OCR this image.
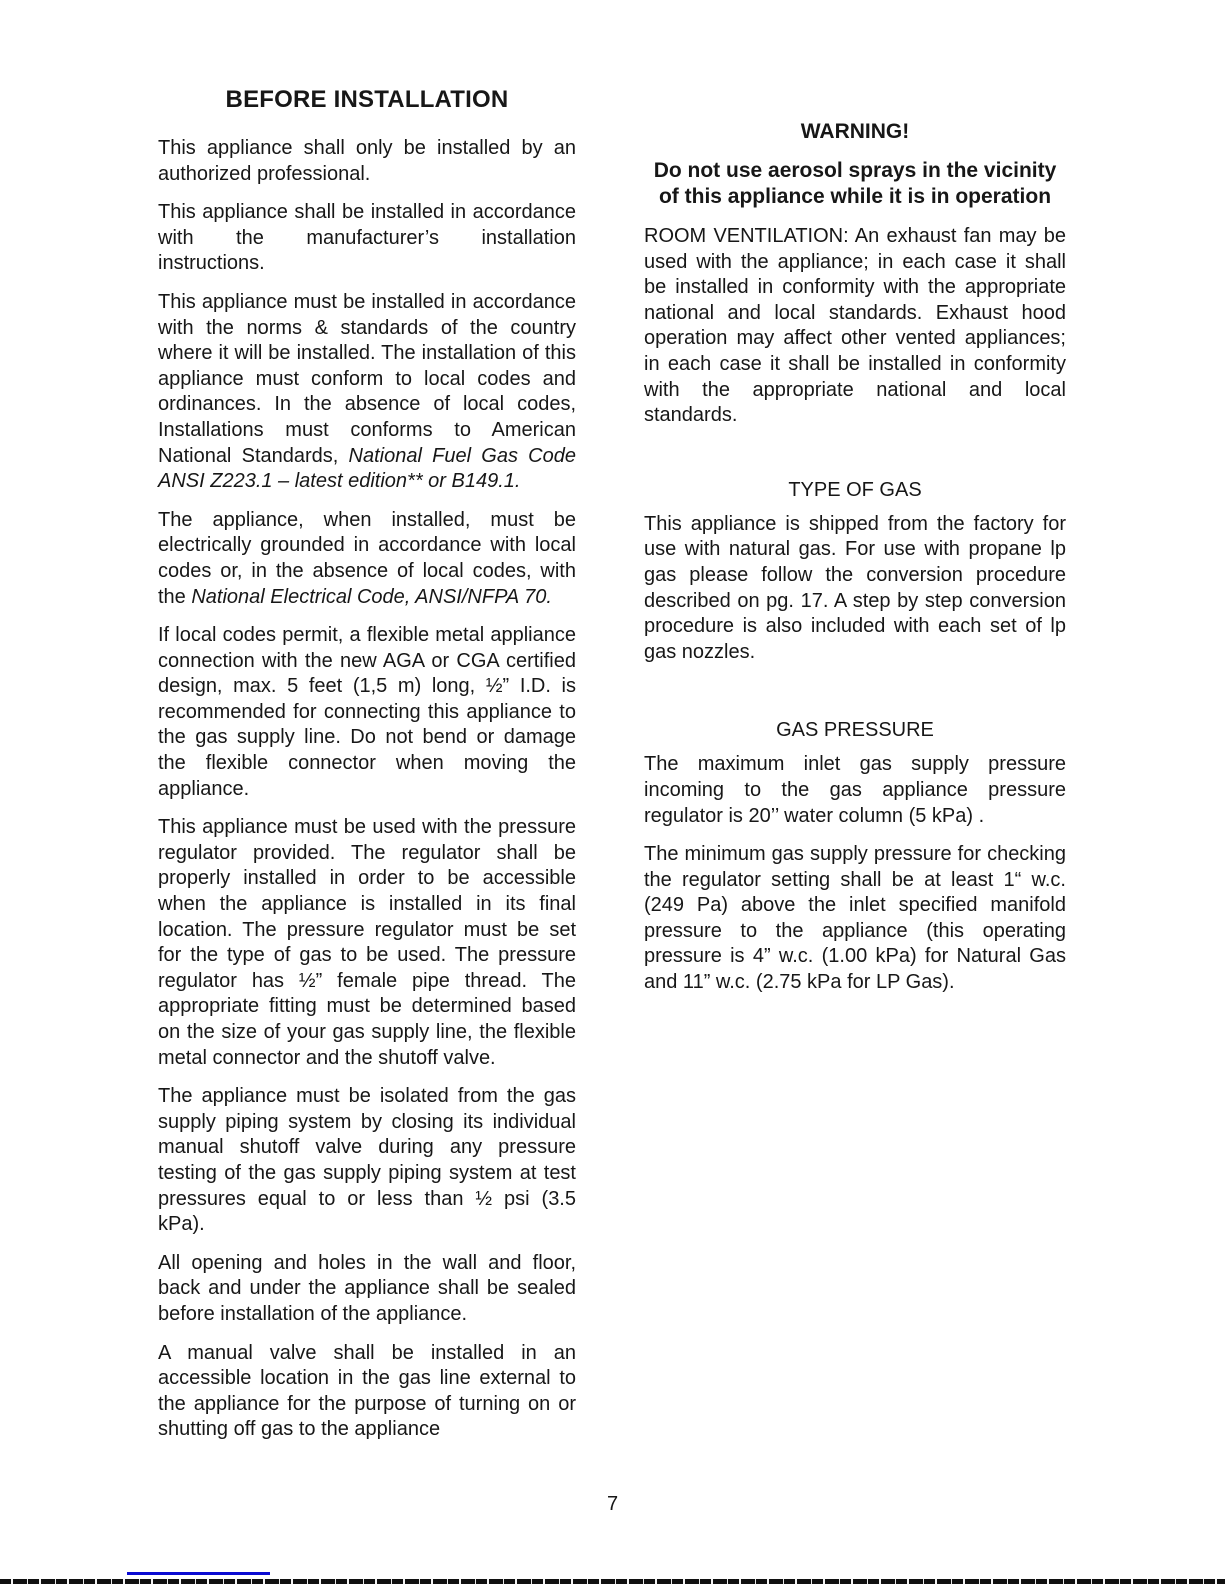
BEFORE INSTALLATION

This appliance shall only be installed by an authorized professional.

This appliance shall be installed in accordance with the manufacturer’s installation instructions.

This appliance must be installed in accordance with the norms & standards of the country where it will be installed. The installation of this appliance must conform to local codes and ordinances. In the absence of local codes, Installations must conforms to American National Standards, National Fuel Gas Code ANSI Z223.1 – latest edition** or B149.1.

The appliance, when installed, must be electrically grounded in accordance with local codes or, in the absence of local codes, with the National Electrical Code, ANSI/NFPA 70.

If local codes permit, a flexible metal appliance connection with the new AGA or CGA certified design, max. 5 feet (1,5 m) long, ½” I.D. is recommended for connecting this appliance to the gas supply line. Do not bend or damage the flexible connector when moving the appliance.

This appliance must be used with the pressure regulator provided. The regulator shall be properly installed in order to be accessible when the appliance is installed in its final location. The pressure regulator must be set for the type of gas to be used. The pressure regulator has ½” female pipe thread. The appropriate fitting must be determined based on the size of your gas supply line, the flexible metal connector and the shutoff valve.

The appliance must be isolated from the gas supply piping system by closing its individual manual shutoff valve during any pressure testing of the gas supply piping system at test pressures equal to or less than ½ psi (3.5 kPa).

All opening and holes in the wall and floor, back and under the appliance shall be sealed before installation of the appliance.

A manual valve shall be installed in an accessible location in the gas line external to the appliance for the purpose of turning on or shutting off gas to the appliance

WARNING!
Do not use aerosol sprays in the vicinity of this appliance while it is in operation

ROOM VENTILATION: An exhaust fan may be used with the appliance; in each case it shall be installed in conformity with the appropriate national and local standards. Exhaust hood operation may affect other vented appliances; in each case it shall be installed in conformity with the appropriate national and local standards.

TYPE OF GAS

This appliance is shipped from the factory for use with natural gas. For use with propane lp gas please follow the conversion procedure described on pg. 17. A step by step conversion procedure is also included with each set of lp gas nozzles.

GAS PRESSURE

The maximum inlet gas supply pressure incoming to the gas appliance pressure regulator is 20’’ water column (5 kPa) .

The minimum gas supply pressure for checking the regulator setting shall be at least 1“ w.c. (249 Pa) above the inlet specified manifold pressure to the appliance (this operating pressure is 4” w.c. (1.00 kPa) for Natural Gas and 11” w.c. (2.75 kPa for LP Gas).

7
